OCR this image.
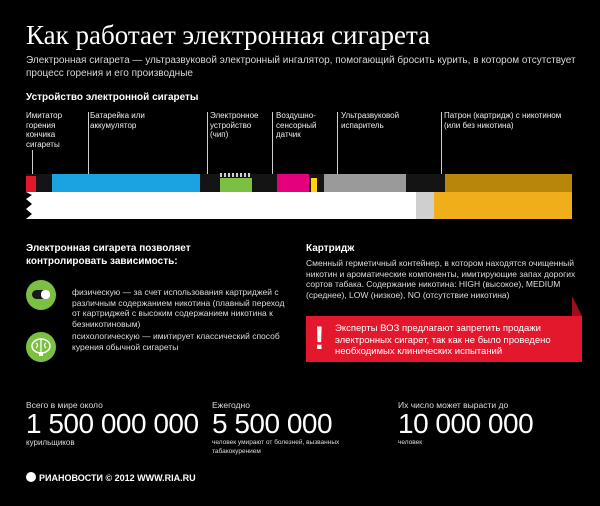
Как работает электронная сигарета
Электронная сигарета — ультразвуковой электронный ингалятор, помогающий бросить курить, в котором отсутствует процесс горения и его производные
Устройство электронной сигареты
Имитатор горения кончика сигареты
Батарейка или аккумулятор
Электронное устройство (чип)
Воздушно-сенсорный датчик
Ультразвуковой испаритель
Патрон (картридж) с никотином (или без никотина)
Электронная сигарета позволяет контролировать зависимость:
физическую — за счет использования картриджей с различным содержанием никотина (плавный переход от картриджей с высоким содержанием никотина к безникотиновым)
психологическую — имитирует классический способ курения обычной сигареты
Картридж
Сменный герметичный контейнер, в котором находятся очищенный никотин и ароматические компоненты, имитирующие запах дорогих сортов табака. Содержание никотина: HIGH (высокое), MEDIUM (среднее), LOW (низкое), NO (отсутствие никотина)
! Эксперты ВОЗ предлагают запретить продажи электронных сигарет, так как не было проведено необходимых клинических испытаний
Всего в мире около
1 500 000 000
курильщиков
Ежегодно
5 500 000
человек умирают от болезней, вызванных табакокурением
Их число может вырасти до
10 000 000
человек
РИАНОВОСТИ © 2012 WWW.RIA.RU
